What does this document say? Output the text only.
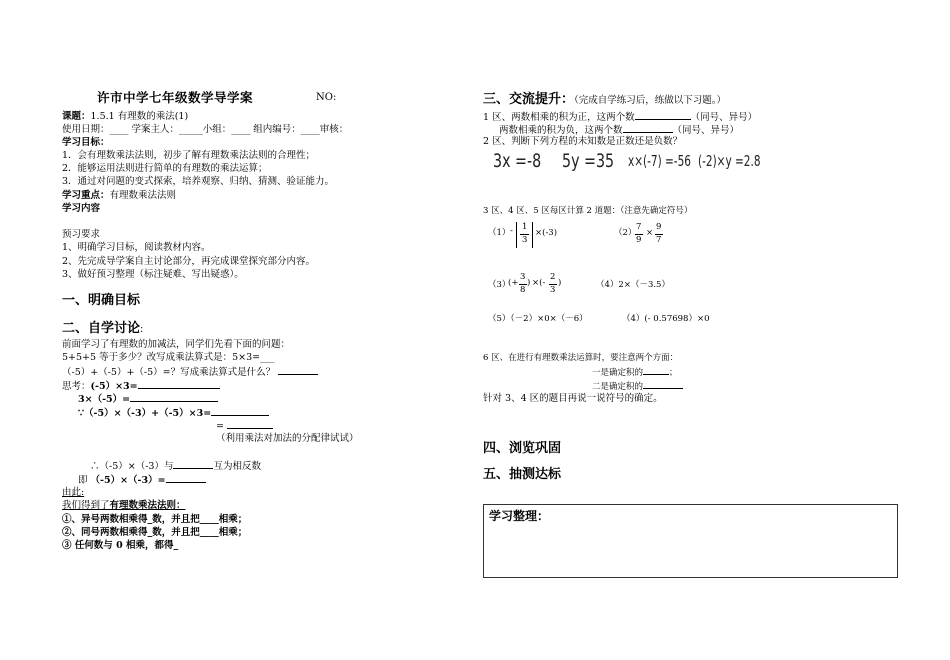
许市中学七年级数学导学案	NO:
课题：1.5.1 有理数的乘法(1)
使用日期：____ 学案主人：_____小组：____ 组内编号：____审核：
学习目标：
1．会有理数乘法法则，初步了解有理数乘法法则的合理性；
2．能够运用法则进行简单的有理数的乘法运算；
3．通过对问题的变式探索，培养观察、归纳、猜测、验证能力。
学习重点：有理数乘法法则
学习内容
预习要求
1、明确学习目标，阅读教材内容。
2、先完成导学案自主讨论部分，再完成课堂探究部分内容。
3、做好预习整理（标注疑难、写出疑惑）。
一、明确目标
二、自学讨论:
前面学习了有理数的加减法，同学们先看下面的问题：
5+5+5 等于多少？改写成乘法算式是：5×3=___
（-5）+（-5）+（-5）=？写成乘法算式是什么？
思考：(-5）×3=
3×（-5）=
∵（-5）×（-3）+（-5）×3=
=
（利用乘法对加法的分配律试试）
∴（-5）×（-3）与	互为相反数
即 （-5）×（-3）=
由此:
我们得到了有理数乘法法则：
①、异号两数相乘得_数，并且把____相乘；
②、同号两数相乘得_数，并且把____相乘；
③ 任何数与 0 相乘，都得_
三、交流提升：（完成自学练习后，练做以下习题。）
1 区、两数相乘的积为正，这两个数	（同号、异号）
两数相乘的积为负，这两个数	（同号、异号）
2 区、判断下列方程的未知数是正数还是负数？
3x =-8 5y =35 x×(-7) =-56 (-2)×y =2.8
3 区、4 区、5 区每区计算 2 道题：（注意先确定符号）
（1） - 1
3
×(-3)	（2）
7
9
×
9
7
（3）
(+
3
8
) ×(-
2
3
)	（4）2×（－3.5）
（5）（－2）×0×（－6）	（4）(- 0.57698）×0
6 区、在进行有理数乘法运算时，要注意两个方面：
一是确定积的	；
二是确定积的
针对 3、4 区的题目再说一说符号的确定。
四、浏览巩固
五、抽测达标
学习整理：
